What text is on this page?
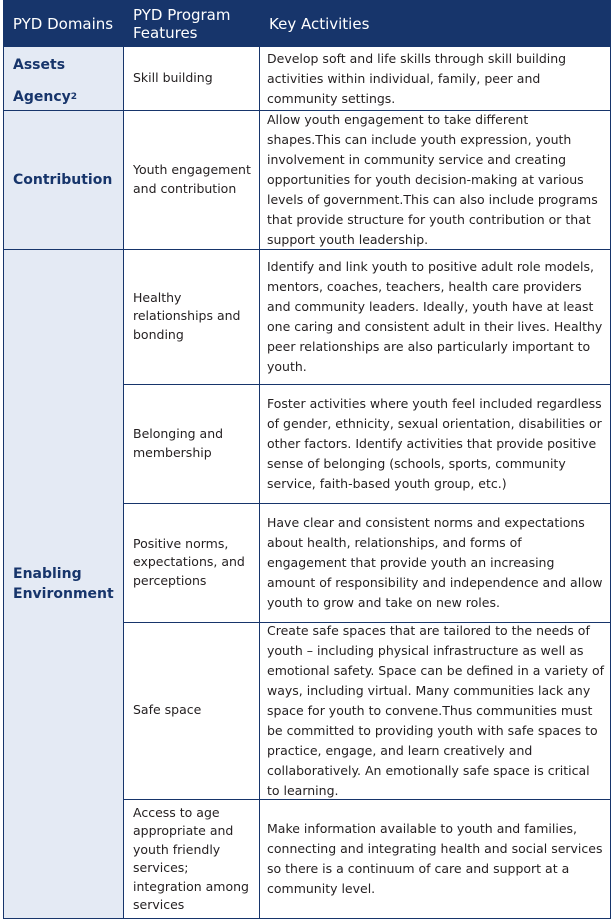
PYD Domains	PYD Program Features	Key Activities
Assets
Agency 2
Contribution
Enabling Environment
Skill building
Youth engagement and contribution
Healthy relationships and bonding
Belonging and membership
Positive norms, expectations, and perceptions
Safe space
Access to age appropriate and youth friendly services; integration among services
Develop soft and life skills through skill building activities within individual, family, peer and community settings.
Allow youth engagement to take different shapes.This can include youth expression, youth involvement in community service and creating opportunities for youth decision-making at various levels of government.This can also include programs that provide structure for youth contribution or that support youth leadership.
Identify and link youth to positive adult role models, mentors, coaches, teachers, health care providers and community leaders. Ideally, youth have at least one caring and consistent adult in their lives. Healthy peer relationships are also particularly important to youth.
Foster activities where youth feel included regardless of gender, ethnicity, sexual orientation, disabilities or other factors. Identify activities that provide positive sense of belonging (schools, sports, community service, faith-based youth group, etc.)
Have clear and consistent norms and expectations about health, relationships, and forms of engagement that provide youth an increasing amount of responsibility and independence and allow youth to grow and take on new roles.
Create safe spaces that are tailored to the needs of youth – including physical infrastructure as well as emotional safety. Space can be defined in a variety of ways, including virtual. Many communities lack any space for youth to convene.Thus communities must be committed to providing youth with safe spaces to practice, engage, and learn creatively and collaboratively. An emotionally safe space is critical to learning.
Make information available to youth and families, connecting and integrating health and social services so there is a continuum of care and support at a community level.
